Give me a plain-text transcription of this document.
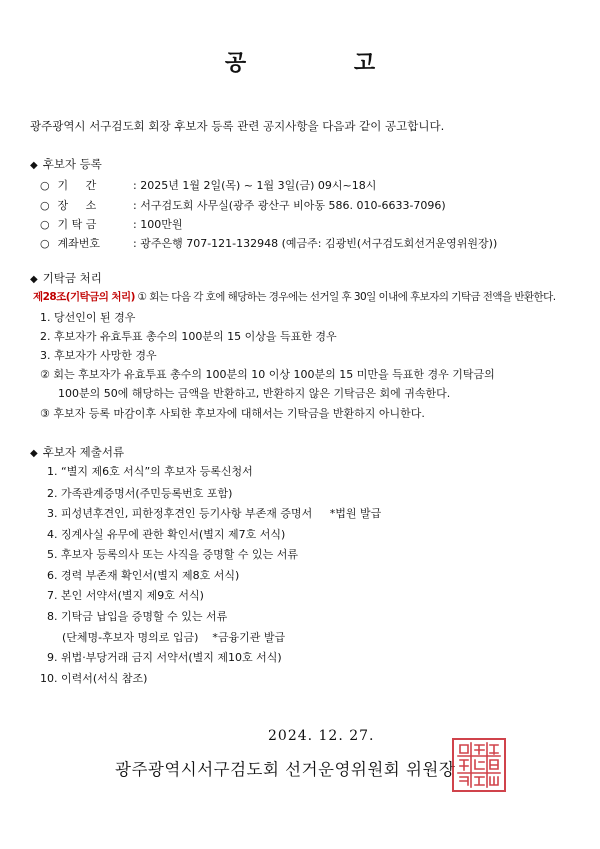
공 고
광주광역시 서구검도회 회장 후보자 등록 관련 공지사항을 다음과 같이 공고합니다.
◆ 후보자 등록
○ 기     간	: 2025년 1월 2일(목) ~ 1월 3일(금) 09시~18시
○ 장     소	: 서구검도회 사무실(광주 광산구 비아동 586. 010-6633-7096)
○ 기 탁 금	: 100만원
○ 계좌번호	: 광주은행 707-121-132948 (예금주: 김광빈(서구검도회선거운영위원장))
◆ 기탁금 처리
제28조(기탁금의 처리) ① 회는 다음 각 호에 해당하는 경우에는 선거일 후 30일 이내에 후보자의 기탁금 전액을 반환한다.
1. 당선인이 된 경우
2. 후보자가 유효투표 총수의 100분의 15 이상을 득표한 경우
3. 후보자가 사망한 경우
② 회는 후보자가 유효투표 총수의 100분의 10 이상 100분의 15 미만을 득표한 경우 기탁금의
100분의 50에 해당하는 금액을 반환하고, 반환하지 않은 기탁금은 회에 귀속한다.
③ 후보자 등록 마감이후 사퇴한 후보자에 대해서는 기탁금을 반환하지 아니한다.
◆ 후보자 제출서류
1. “별지 제6호 서식”의 후보자 등록신청서
2. 가족관계증명서(주민등록번호 포함)
3. 피성년후견인, 피한정후견인 등기사항 부존재 증명서     *법원 발급
4. 징계사실 유무에 관한 확인서(별지 제7호 서식)
5. 후보자 등록의사 또는 사직을 증명할 수 있는 서류
6. 경력 부존재 확인서(별지 제8호 서식)
7. 본인 서약서(별지 제9호 서식)
8. 기탁금 납입을 증명할 수 있는 서류
(단체명-후보자 명의로 입금)    *금융기관 발급
9. 위법·부당거래 금지 서약서(별지 제10호 서식)
10. 이력서(서식 참조)
2024. 12. 27.
광주광역시서구검도회 선거운영위원회 위원장
